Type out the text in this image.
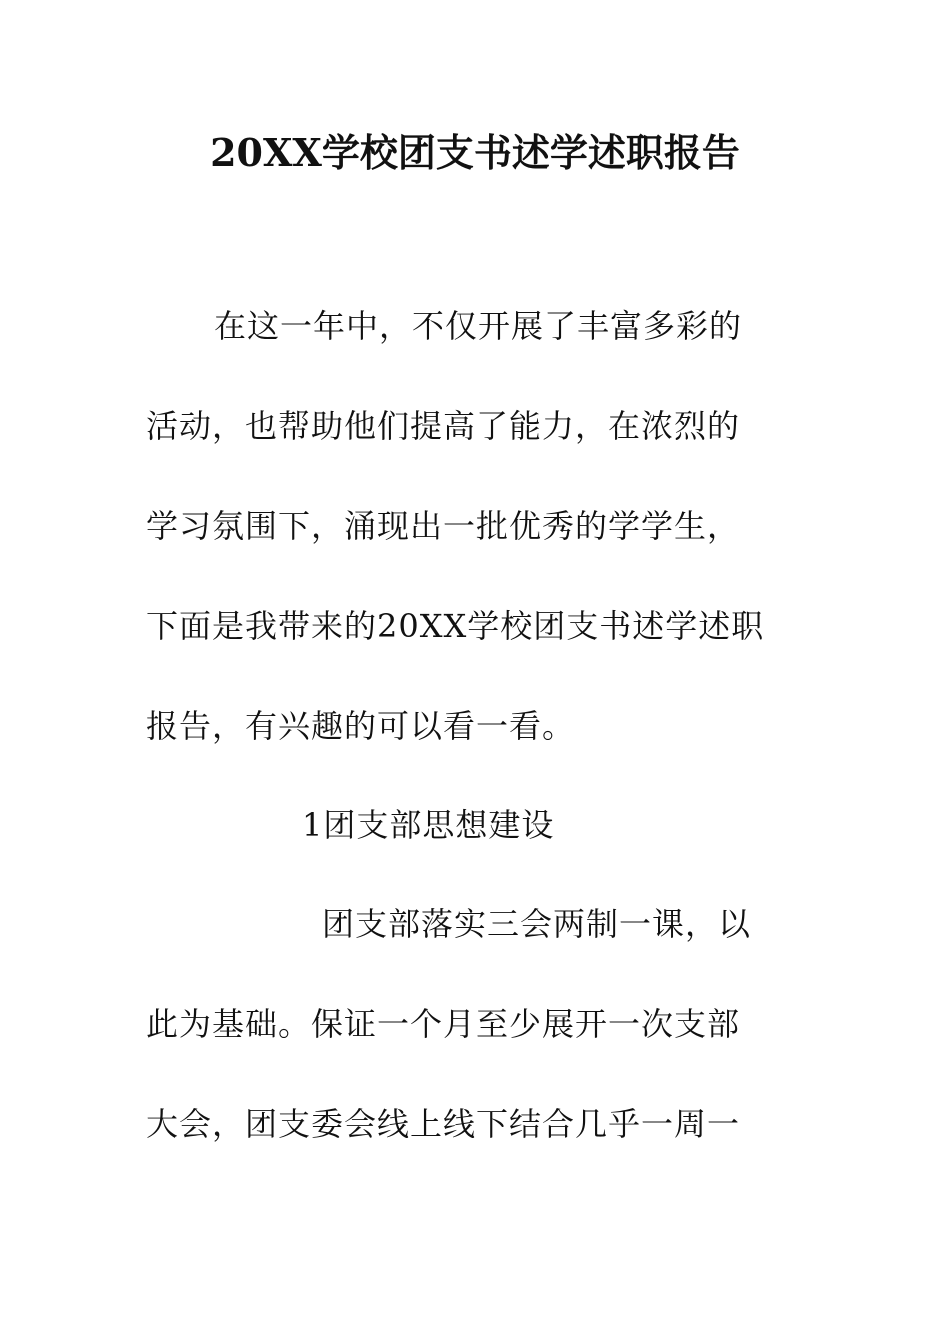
20XX学校团支书述学述职报告
在这一年中，不仅开展了丰富多彩的
活动，也帮助他们提高了能力，在浓烈的
学习氛围下，涌现出一批优秀的学学生，
下面是我带来的20XX学校团支书述学述职
报告，有兴趣的可以看一看。
1团支部思想建设
团支部落实三会两制一课，以
此为基础。保证一个月至少展开一次支部
大会，团支委会线上线下结合几乎一周一
